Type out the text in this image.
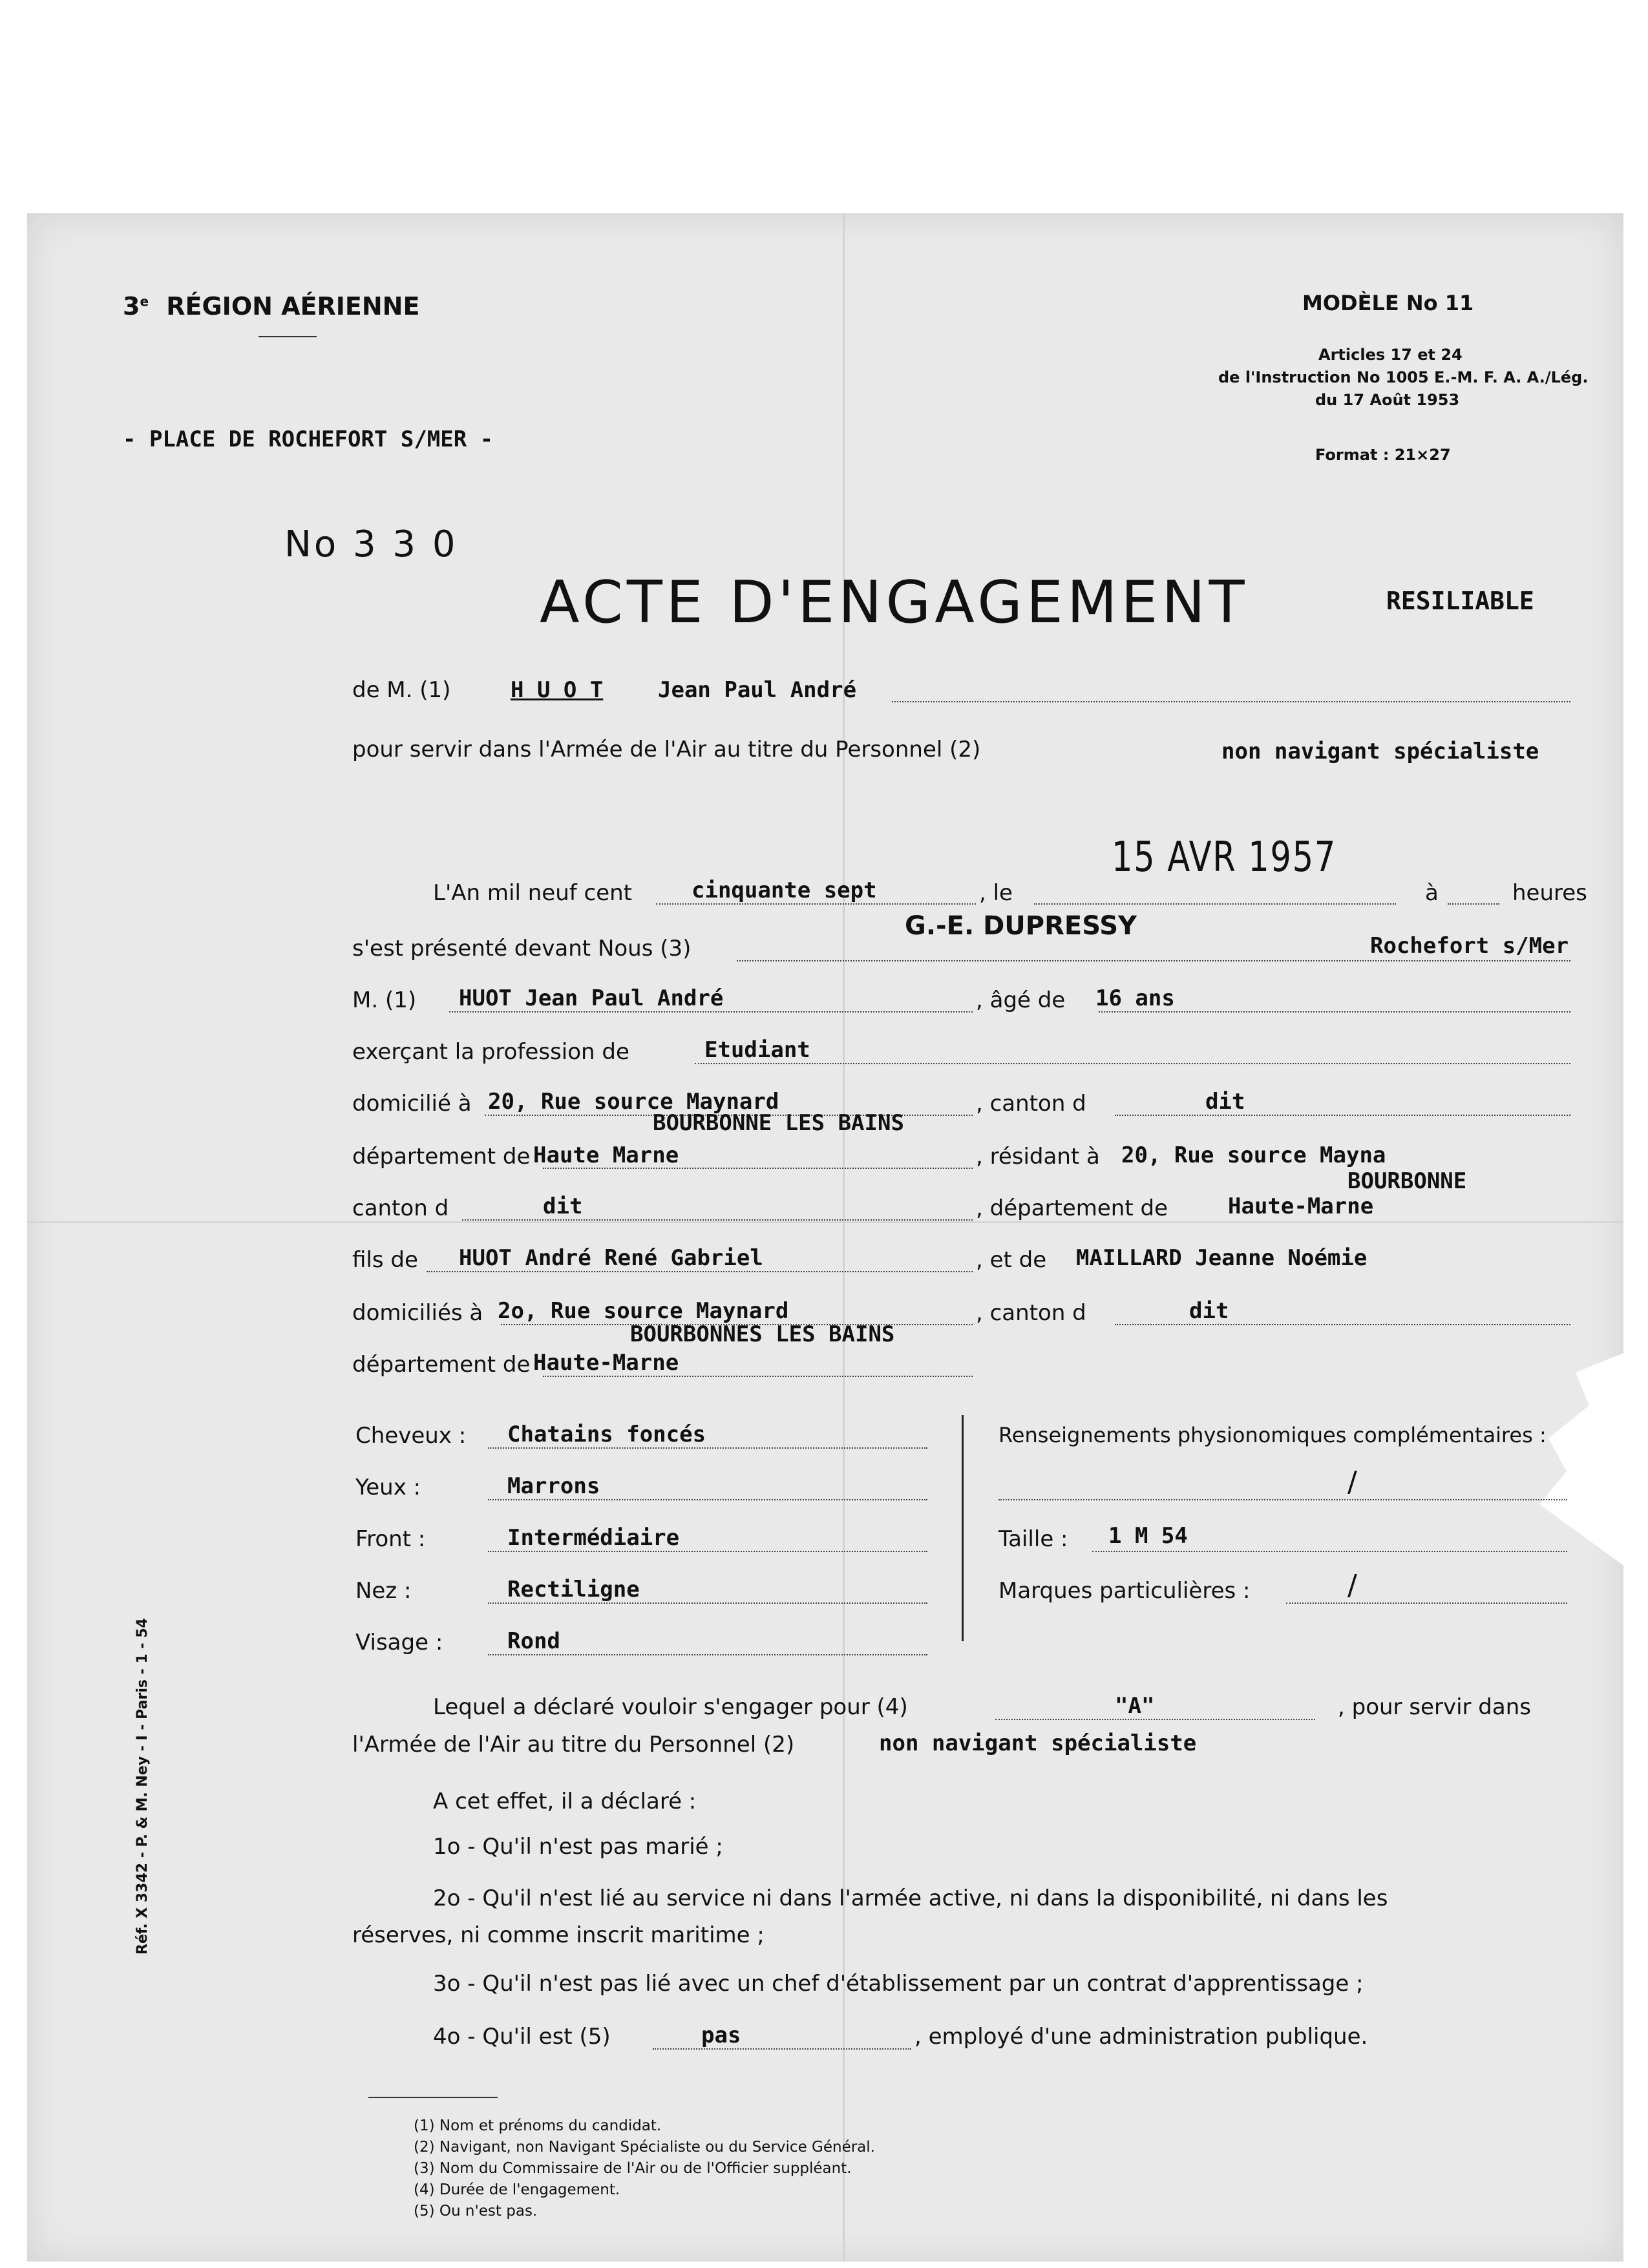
3e RÉGION AÉRIENNE	MODÈLE No 11
Articles 17 et 24
de l'Instruction No 1005 E.-M. F. A. A./Lég.
du 17 Août 1953
Format : 21×27
- PLACE DE ROCHEFORT S/MER -
No 3 3 0
ACTE D'ENGAGEMENT	RESILIABLE
de M. (1)	H U O T Jean Paul André
pour servir dans l'Armée de l'Air au titre du Personnel (2)	non navigant spécialiste
L'An mil neuf cent	cinquante sept	, le
15 AVR 1957
à	heures
s'est présenté devant Nous (3)
G.-E. DUPRESSY
Rochefort s/Mer
M. (1) HUOT Jean Paul André	, âgé de 16 ans
exerçant la profession de	Etudiant
domicilié à 20, Rue source Maynard	, canton d	dit
BOURBONNE LES BAINS
département de Haute Marne	, résidant à 20, Rue source Mayna
BOURBONNE
canton d	dit	, département de	Haute-Marne
fils de HUOT André René Gabriel	, et de MAILLARD Jeanne Noémie
domiciliés à 2o, Rue source Maynard	, canton d	dit
BOURBONNES LES BAINS
département de Haute-Marne
Cheveux : Chatains foncés
Yeux :	Marrons
Front :	Intermédiaire
Nez :	Rectiligne
Visage :	Rond
Renseignements physionomiques complémentaires :
/
Taille : 1 M 54
Marques particulières :	/
Lequel a déclaré vouloir s'engager pour (4)	"A"	, pour servir dans
l'Armée de l'Air au titre du Personnel (2)	non navigant spécialiste
A cet effet, il a déclaré :
1o - Qu'il n'est pas marié ;
2o - Qu'il n'est lié au service ni dans l'armée active, ni dans la disponibilité, ni dans les
réserves, ni comme inscrit maritime ;
3o - Qu'il n'est pas lié avec un chef d'établissement par un contrat d'apprentissage ;
4o - Qu'il est (5)	pas	, employé d'une administration publique.
(1) Nom et prénoms du candidat.
(2) Navigant, non Navigant Spécialiste ou du Service Général.
(3) Nom du Commissaire de l'Air ou de l'Officier suppléant.
(4) Durée de l'engagement.
(5) Ou n'est pas.
Réf. X 3342 - P. & M. Ney - I - Paris - 1 - 54
